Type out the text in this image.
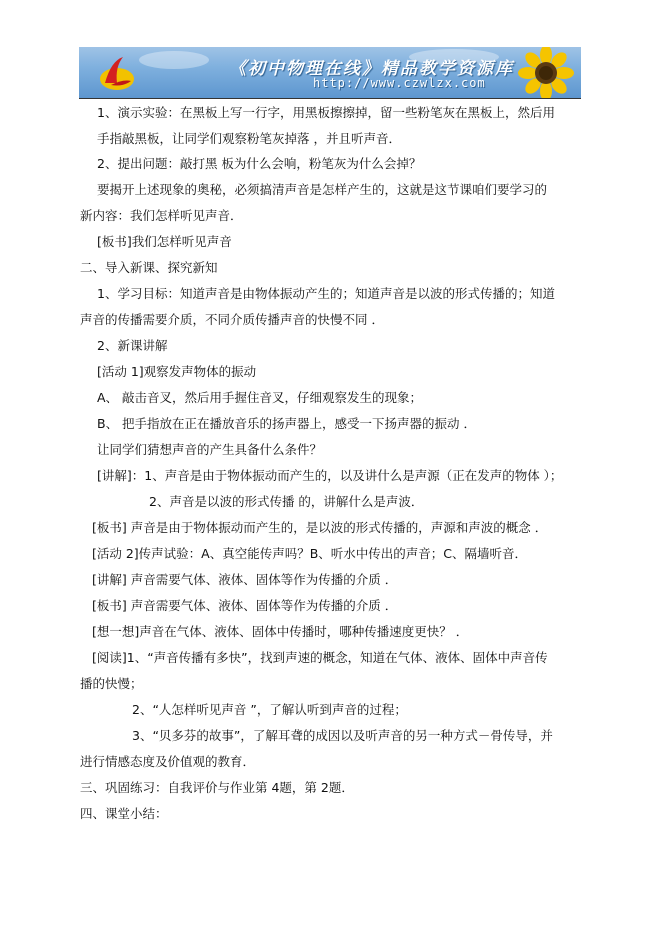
《初中物理在线》精品教学资源库
http://www.czwlzx.com
1、演示实验：在黑板上写一行字，用黑板擦擦掉，留一些粉笔灰在黑板上，然后用
手指敲黑板，让同学们观察粉笔灰掉落 ，并且听声音．
2、提出问题：敲打黑 板为什么会响，粉笔灰为什么会掉？
要揭开上述现象的奥秘，必须搞清声音是怎样产生的，这就是这节课咱们要学习的
新内容：我们怎样听见声音．
[板书]我们怎样听见声音
二、导入新课、探究新知
1、学习目标：知道声音是由物体振动产生的；知道声音是以波的形式传播的；知道
声音的传播需要介质，不同介质传播声音的快慢不同 ．
2、新课讲解
[活动 1]观察发声物体的振动
A、 敲击音叉，然后用手握住音叉，仔细观察发生的现象；
B、 把手指放在正在播放音乐的扬声器上，感受一下扬声器的振动 ．
让同学们猜想声音的产生具备什么条件？
[讲解]：1、声音是由于物体振动而产生的，以及讲什么是声源（正在发声的物体 ）；
2、声音是以波的形式传播 的，讲解什么是声波．
[板书] 声音是由于物体振动而产生的，是以波的形式传播的，声源和声波的概念 ．
[活动 2]传声试验：A、真空能传声吗？B、听水中传出的声音；C、隔墙听音．
[讲解] 声音需要气体、液体、固体等作为传播的介质 ．
[板书] 声音需要气体、液体、固体等作为传播的介质 ．
[想一想]声音在气体、液体、固体中传播时，哪种传播速度更快？ ．
[阅读]1、“声音传播有多快”，找到声速的概念，知道在气体、液体、固体中声音传
播的快慢；
2、“人怎样听见声音 ”，了解认听到声音的过程；
3、“贝多芬的故事”，了解耳聋的成因以及听声音的另一种方式－骨传导，并
进行情感态度及价值观的教育．
三、巩固练习：自我评价与作业第 4题，第 2题．
四、课堂小结：
